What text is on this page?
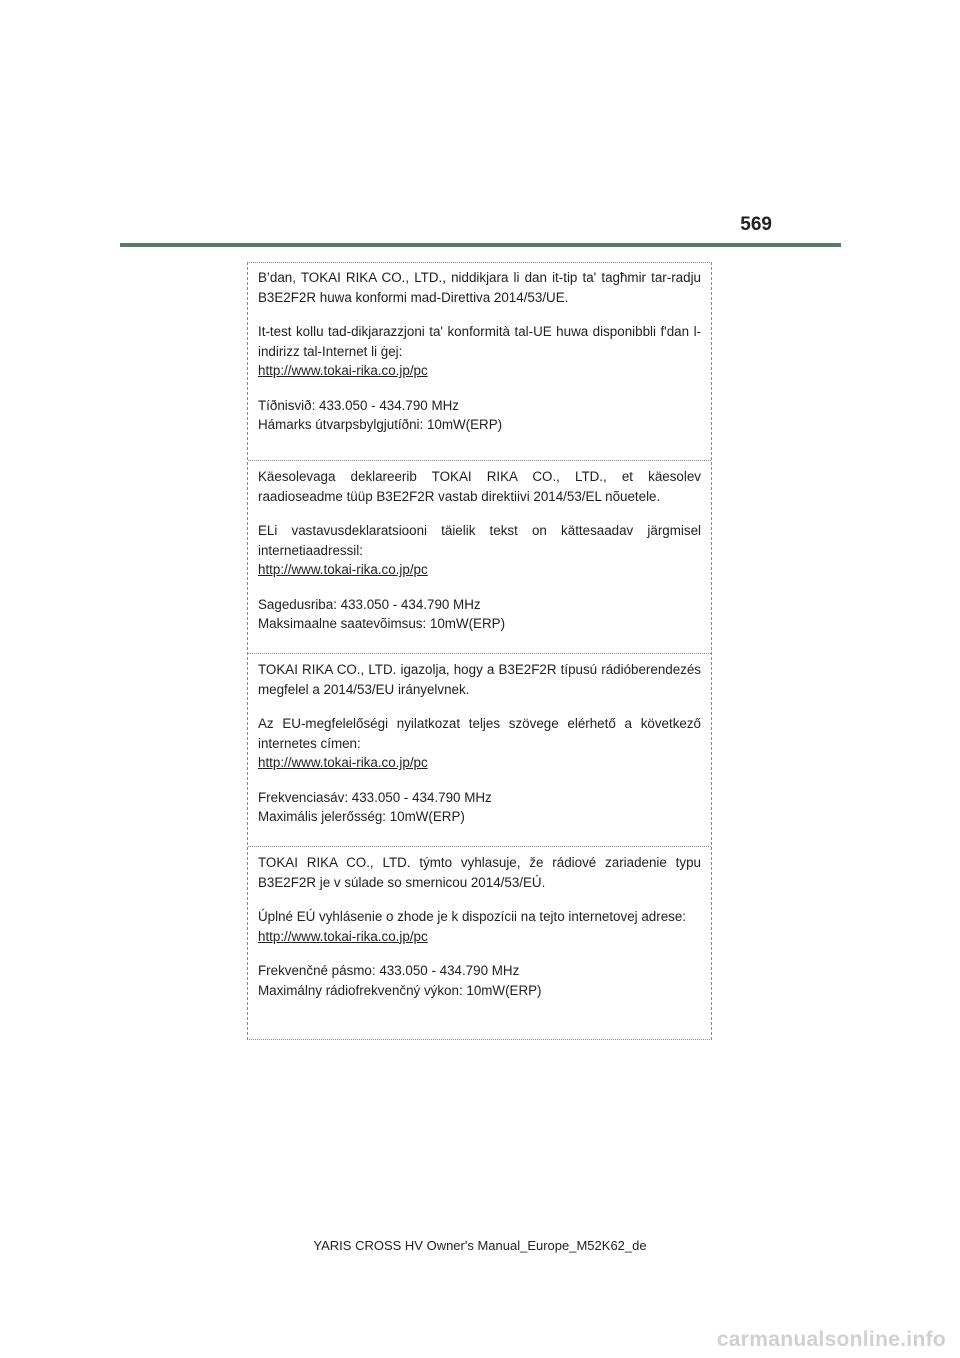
569

B’dan, TOKAI RIKA CO., LTD., niddikjara li dan it-tip ta' tagħmir tar-radju B3E2F2R huwa konformi mad-Direttiva 2014/53/UE.

It-test kollu tad-dikjarazzjoni ta' konformità tal-UE huwa disponibbli f'dan l-indirizz tal-Internet li ġej:

http://www.tokai-rika.co.jp/pc

Tíðnisvið: 433.050 - 434.790 MHz

Hámarks útvarpsbylgjutíðni: 10mW(ERP)

Käesolevaga deklareerib TOKAI RIKA CO., LTD., et käesolev raadioseadme tüüp B3E2F2R vastab direktiivi 2014/53/EL nõuetele.

ELi vastavusdeklaratsiooni täielik tekst on kättesaadav järgmisel internetiaadressil:

http://www.tokai-rika.co.jp/pc

Sagedusriba: 433.050 - 434.790 MHz

Maksimaalne saatevõimsus: 10mW(ERP)

TOKAI RIKA CO., LTD. igazolja, hogy a B3E2F2R típusú rádióberendezés megfelel a 2014/53/EU irányelvnek.

Az EU-megfelelőségi nyilatkozat teljes szövege elérhető a következő internetes címen:

http://www.tokai-rika.co.jp/pc

Frekvenciasáv: 433.050 - 434.790 MHz

Maximális jelerősség: 10mW(ERP)

TOKAI RIKA CO., LTD. týmto vyhlasuje, že rádiové zariadenie typu B3E2F2R je v súlade so smernicou 2014/53/EÚ.

Úplné EÚ vyhlásenie o zhode je k dispozícii na tejto internetovej adrese:

http://www.tokai-rika.co.jp/pc

Frekvenčné pásmo: 433.050 - 434.790 MHz

Maximálny rádiofrekvenčný výkon: 10mW(ERP)

YARIS CROSS HV Owner's Manual_Europe_M52K62_de
carmanualsonline.info
